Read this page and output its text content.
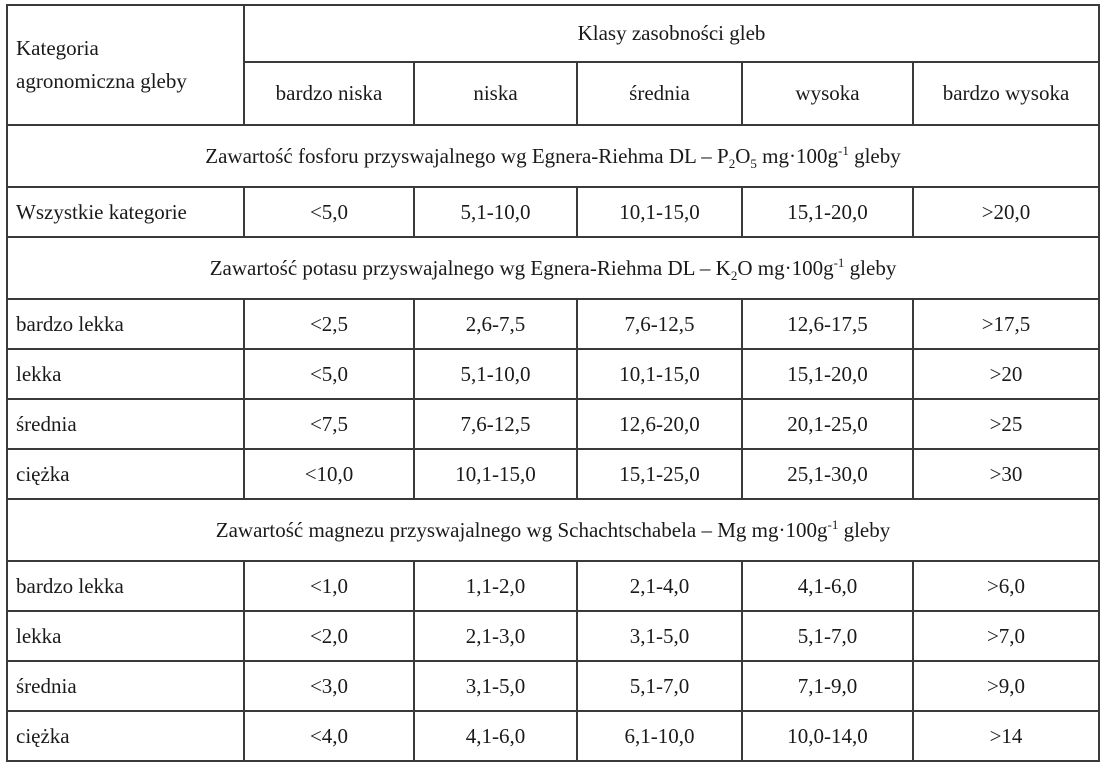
Kategoria
agronomiczna gleby	Klasy zasobności gleb				
	bardzo niska	niska	średnia	wysoka	bardzo wysoka
Zawartość fosforu przyswajalnego wg Egnera-Riehma DL – $P_2O_5$ $mg\cdot 100g^{-1}$ gleby					
Wszystkie kategorie	<5,0	5,1-10,0	10,1-15,0	15,1-20,0	>20,0
Zawartość potasu przyswajalnego wg Egnera-Riehma DL – $K_2O$ $mg\cdot 100g^{-1}$ gleby					
bardzo lekka	<2,5	2,6-7,5	7,6-12,5	12,6-17,5	>17,5
lekka	<5,0	5,1-10,0	10,1-15,0	15,1-20,0	>20
średnia	<7,5	7,6-12,5	12,6-20,0	20,1-25,0	>25
ciężka	<10,0	10,1-15,0	15,1-25,0	25,1-30,0	>30
Zawartość magnezu przyswajalnego wg Schachtschabela – Mg $mg\cdot 100g^{-1}$ gleby					
bardzo lekka	<1,0	1,1-2,0	2,1-4,0	4,1-6,0	>6,0
lekka	<2,0	2,1-3,0	3,1-5,0	5,1-7,0	>7,0
średnia	<3,0	3,1-5,0	5,1-7,0	7,1-9,0	>9,0
ciężka	<4,0	4,1-6,0	6,1-10,0	10,0-14,0	>14
